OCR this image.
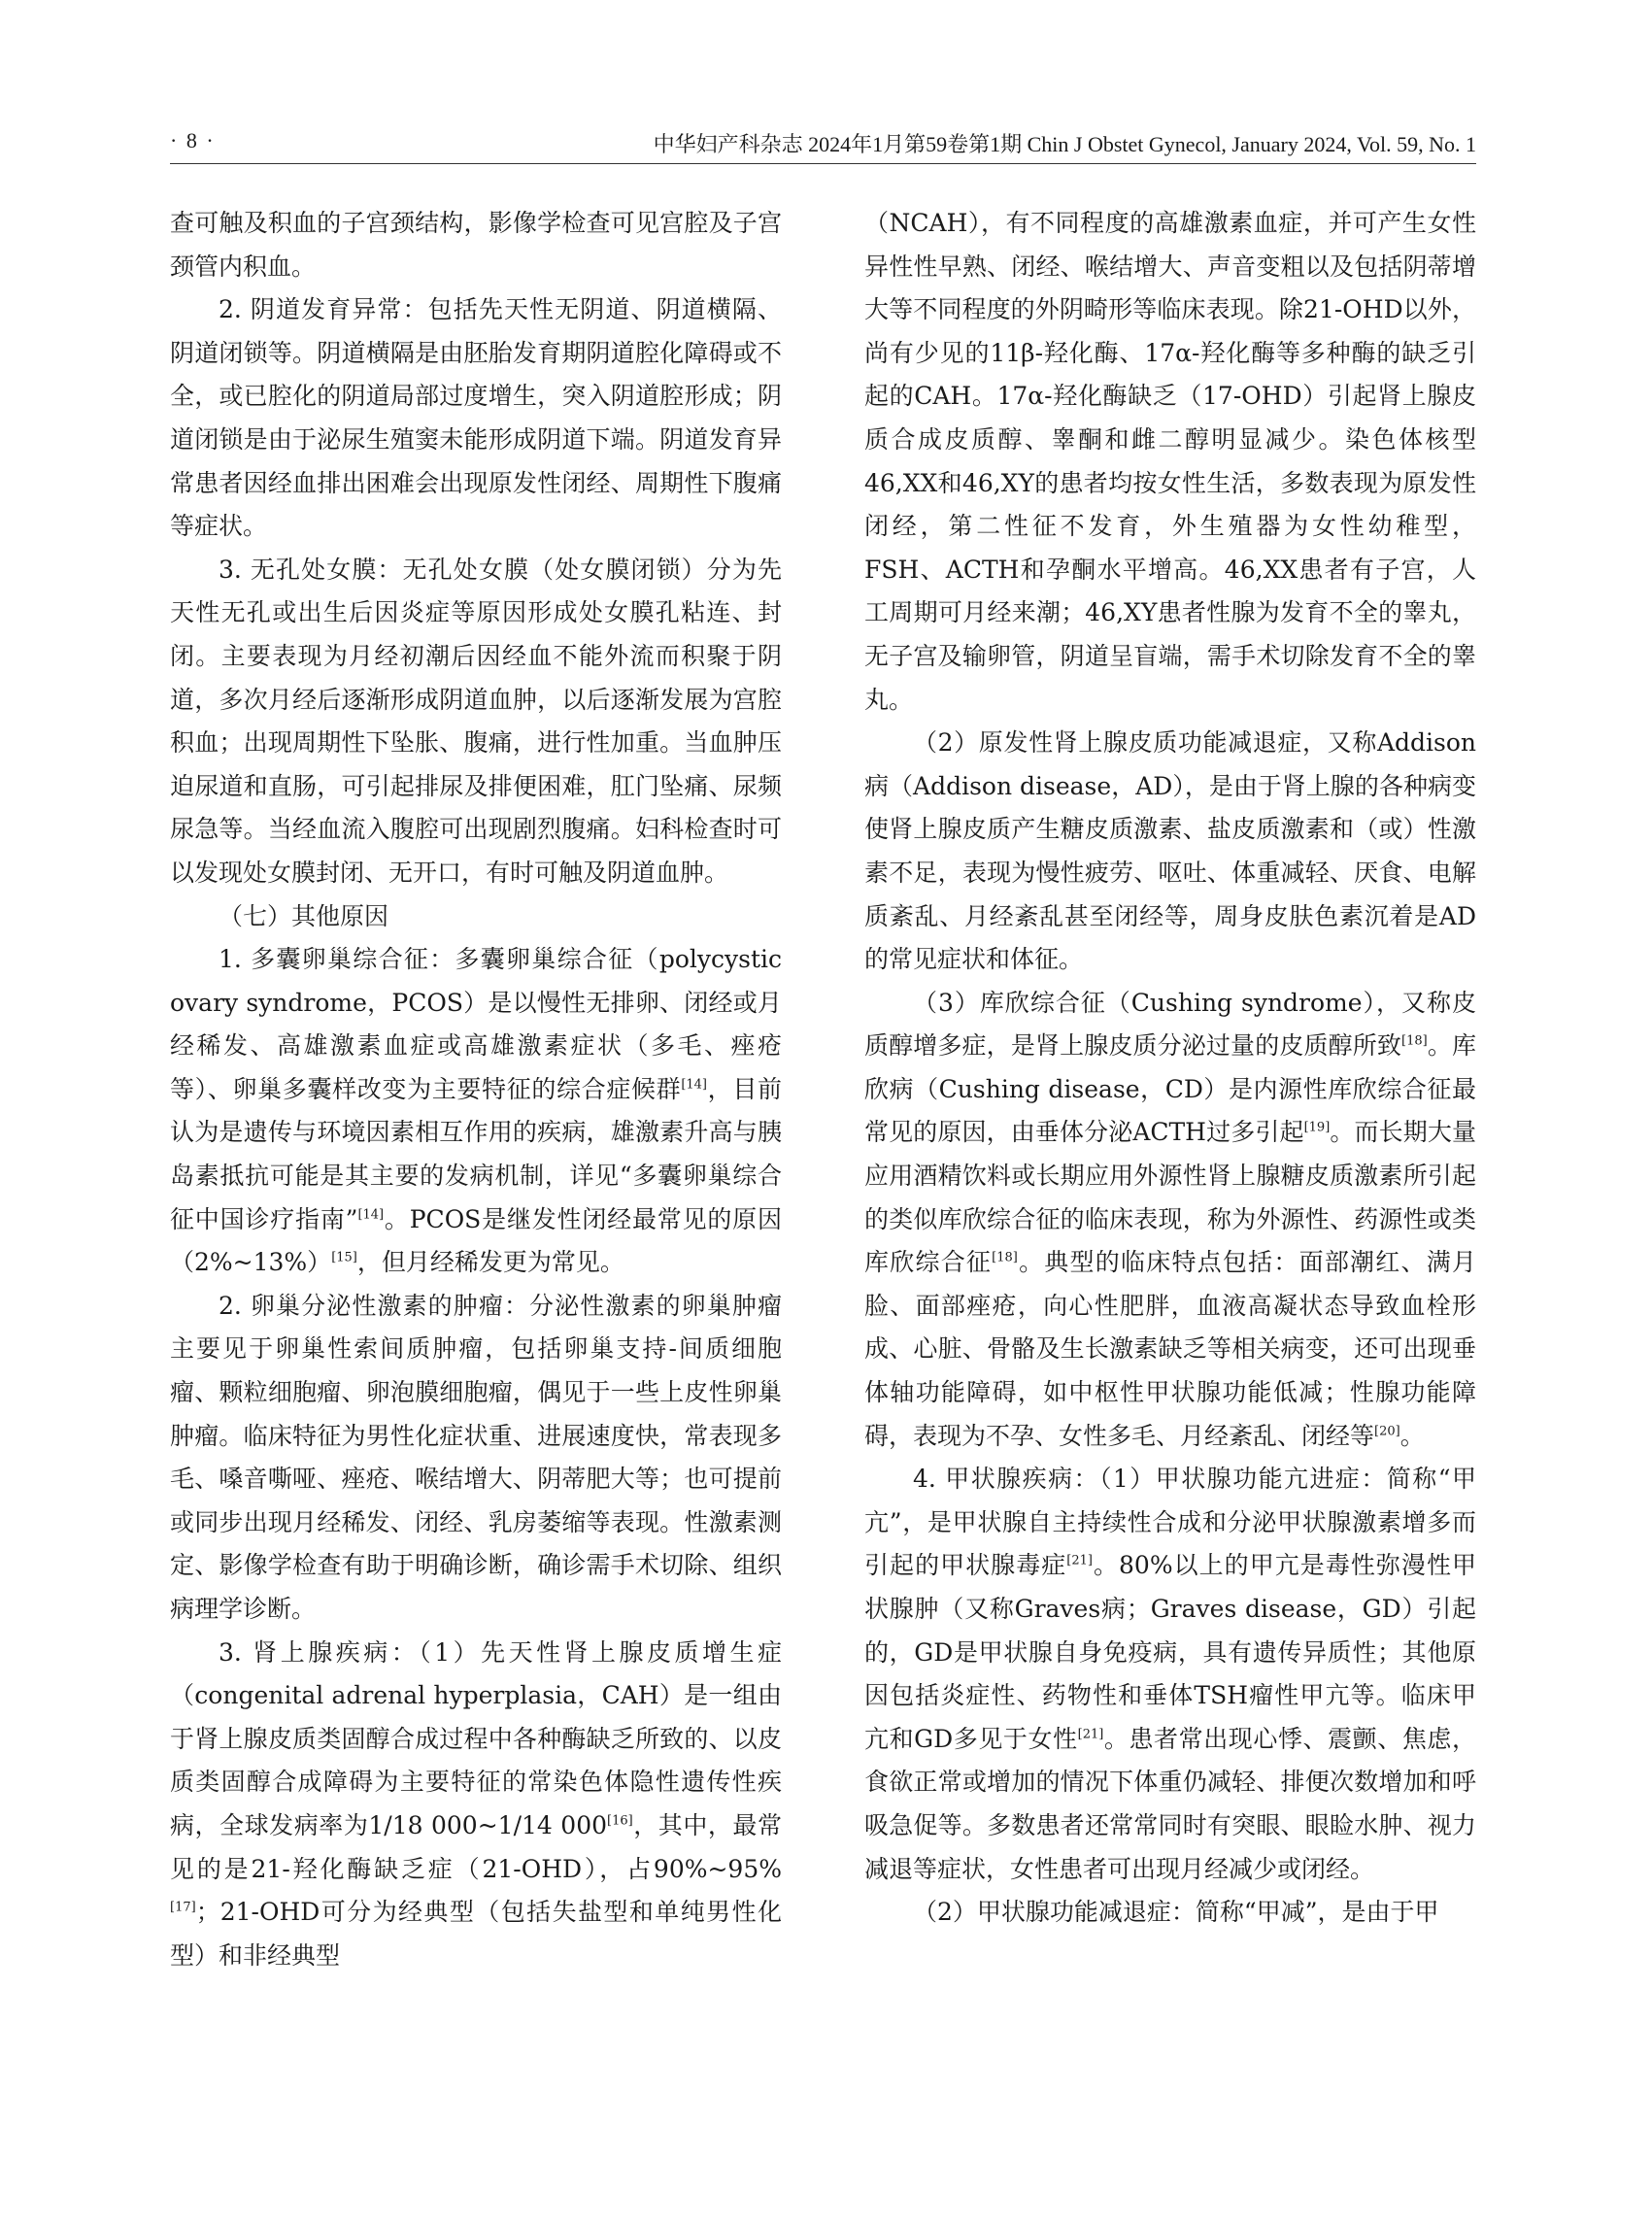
· 8 ·	中华妇产科杂志 2024年1月第59卷第1期 Chin J Obstet Gynecol, January 2024, Vol. 59, No. 1

查可触及积血的子宫颈结构，影像学检查可见宫腔及子宫颈管内积血。

2. 阴道发育异常：包括先天性无阴道、阴道横隔、阴道闭锁等。阴道横隔是由胚胎发育期阴道腔化障碍或不全，或已腔化的阴道局部过度增生，突入阴道腔形成；阴道闭锁是由于泌尿生殖窦未能形成阴道下端。阴道发育异常患者因经血排出困难会出现原发性闭经、周期性下腹痛等症状。

3. 无孔处女膜：无孔处女膜（处女膜闭锁）分为先天性无孔或出生后因炎症等原因形成处女膜孔粘连、封闭。主要表现为月经初潮后因经血不能外流而积聚于阴道，多次月经后逐渐形成阴道血肿，以后逐渐发展为宫腔积血；出现周期性下坠胀、腹痛，进行性加重。当血肿压迫尿道和直肠，可引起排尿及排便困难，肛门坠痛、尿频尿急等。当经血流入腹腔可出现剧烈腹痛。妇科检查时可以发现处女膜封闭、无开口，有时可触及阴道血肿。

（七）其他原因

1. 多囊卵巢综合征：多囊卵巢综合征（polycystic ovary syndrome，PCOS）是以慢性无排卵、闭经或月经稀发、高雄激素血症或高雄激素症状（多毛、痤疮等）、卵巢多囊样改变为主要特征的综合症候群[14]，目前认为是遗传与环境因素相互作用的疾病，雄激素升高与胰岛素抵抗可能是其主要的发病机制，详见“多囊卵巢综合征中国诊疗指南”[14]。PCOS是继发性闭经最常见的原因（2%~13%）[15]，但月经稀发更为常见。

2. 卵巢分泌性激素的肿瘤：分泌性激素的卵巢肿瘤主要见于卵巢性索间质肿瘤，包括卵巢支持-间质细胞瘤、颗粒细胞瘤、卵泡膜细胞瘤，偶见于一些上皮性卵巢肿瘤。临床特征为男性化症状重、进展速度快，常表现多毛、嗓音嘶哑、痤疮、喉结增大、阴蒂肥大等；也可提前或同步出现月经稀发、闭经、乳房萎缩等表现。性激素测定、影像学检查有助于明确诊断，确诊需手术切除、组织病理学诊断。

3. 肾上腺疾病：（1）先天性肾上腺皮质增生症（congenital adrenal hyperplasia，CAH）是一组由于肾上腺皮质类固醇合成过程中各种酶缺乏所致的、以皮质类固醇合成障碍为主要特征的常染色体隐性遗传性疾病，全球发病率为1/18 000~1/14 000[16]，其中，最常见的是21-羟化酶缺乏症（21-OHD），占90%~95%[17]；21-OHD可分为经典型（包括失盐型和单纯男性化型）和非经典型

（NCAH），有不同程度的高雄激素血症，并可产生女性异性性早熟、闭经、喉结增大、声音变粗以及包括阴蒂增大等不同程度的外阴畸形等临床表现。除21-OHD以外，尚有少见的11β-羟化酶、17α-羟化酶等多种酶的缺乏引起的CAH。17α-羟化酶缺乏（17-OHD）引起肾上腺皮质合成皮质醇、睾酮和雌二醇明显减少。染色体核型46,XX和46,XY的患者均按女性生活，多数表现为原发性闭经，第二性征不发育，外生殖器为女性幼稚型，FSH、ACTH和孕酮水平增高。46,XX患者有子宫，人工周期可月经来潮；46,XY患者性腺为发育不全的睾丸，无子宫及输卵管，阴道呈盲端，需手术切除发育不全的睾丸。

（2）原发性肾上腺皮质功能减退症，又称Addison病（Addison disease，AD），是由于肾上腺的各种病变使肾上腺皮质产生糖皮质激素、盐皮质激素和（或）性激素不足，表现为慢性疲劳、呕吐、体重减轻、厌食、电解质紊乱、月经紊乱甚至闭经等，周身皮肤色素沉着是AD的常见症状和体征。

（3）库欣综合征（Cushing syndrome），又称皮质醇增多症，是肾上腺皮质分泌过量的皮质醇所致[18]。库欣病（Cushing disease，CD）是内源性库欣综合征最常见的原因，由垂体分泌ACTH过多引起[19]。而长期大量应用酒精饮料或长期应用外源性肾上腺糖皮质激素所引起的类似库欣综合征的临床表现，称为外源性、药源性或类库欣综合征[18]。典型的临床特点包括：面部潮红、满月脸、面部痤疮，向心性肥胖，血液高凝状态导致血栓形成、心脏、骨骼及生长激素缺乏等相关病变，还可出现垂体轴功能障碍，如中枢性甲状腺功能低减；性腺功能障碍，表现为不孕、女性多毛、月经紊乱、闭经等[20]。

4. 甲状腺疾病：（1）甲状腺功能亢进症：简称“甲亢”，是甲状腺自主持续性合成和分泌甲状腺激素增多而引起的甲状腺毒症[21]。80%以上的甲亢是毒性弥漫性甲状腺肿（又称Graves病；Graves disease，GD）引起的，GD是甲状腺自身免疫病，具有遗传异质性；其他原因包括炎症性、药物性和垂体TSH瘤性甲亢等。临床甲亢和GD多见于女性[21]。患者常出现心悸、震颤、焦虑，食欲正常或增加的情况下体重仍减轻、排便次数增加和呼吸急促等。多数患者还常常同时有突眼、眼睑水肿、视力减退等症状，女性患者可出现月经减少或闭经。

（2）甲状腺功能减退症：简称“甲减”，是由于甲
